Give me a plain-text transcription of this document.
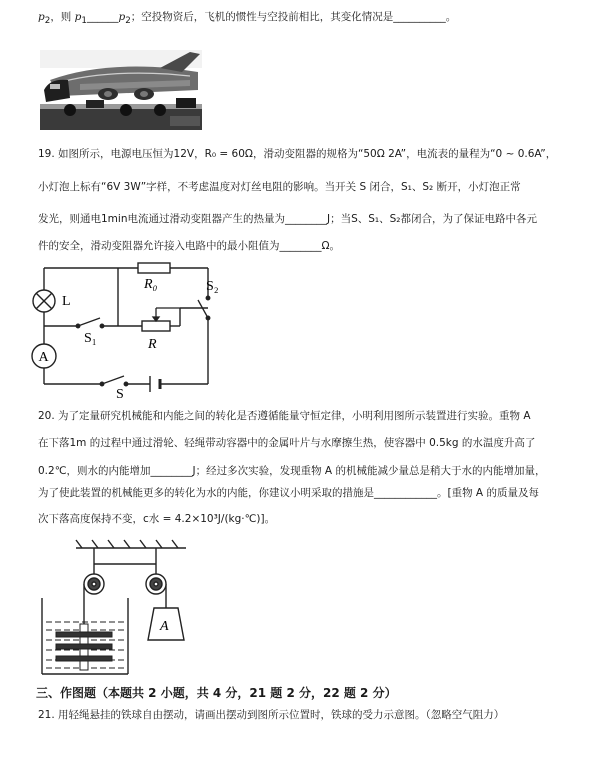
$p_2$，则 $p_1\_\_\_\_\_\_p_2$；空投物资后，飞机的惯性与空投前相比，其变化情况是__________。
19. 如图所示，电源电压恒为12V，R₀ = 60Ω，滑动变阻器的规格为“50Ω 2A”，电流表的量程为“0 ~ 0.6A”，
小灯泡上标有“6V 3W”字样，不考虑温度对灯丝电阻的影响。当开关 S 闭合，S₁、S₂ 断开，小灯泡正常
发光，则通电1min电流通过滑动变阻器产生的热量为________J；当S、S₁、S₂都闭合，为了保证电路中各元
件的安全，滑动变阻器允许接入电路中的最小阻值为________Ω。
L
R₀	S₂
S₁	R
A
S
20. 为了定量研究机械能和内能之间的转化是否遵循能量守恒定律，小明利用图所示装置进行实验。重物 A
在下落1m 的过程中通过滑轮、轻绳带动容器中的金属叶片与水摩擦生热，使容器中 0.5kg 的水温度升高了
0.2℃，则水的内能增加________J；经过多次实验，发现重物 A 的机械能减少量总是稍大于水的内能增加量，
为了使此装置的机械能更多的转化为水的内能，你建议小明采取的措施是____________。[重物 A 的质量及每
次下落高度保持不变，c水 = 4.2×10³J/(kg·℃)]。
A
三、作图题（本题共 2 小题，共 4 分，21 题 2 分，22 题 2 分）
21. 用轻绳悬挂的铁球自由摆动，请画出摆动到图所示位置时，铁球的受力示意图。（忽略空气阻力）
